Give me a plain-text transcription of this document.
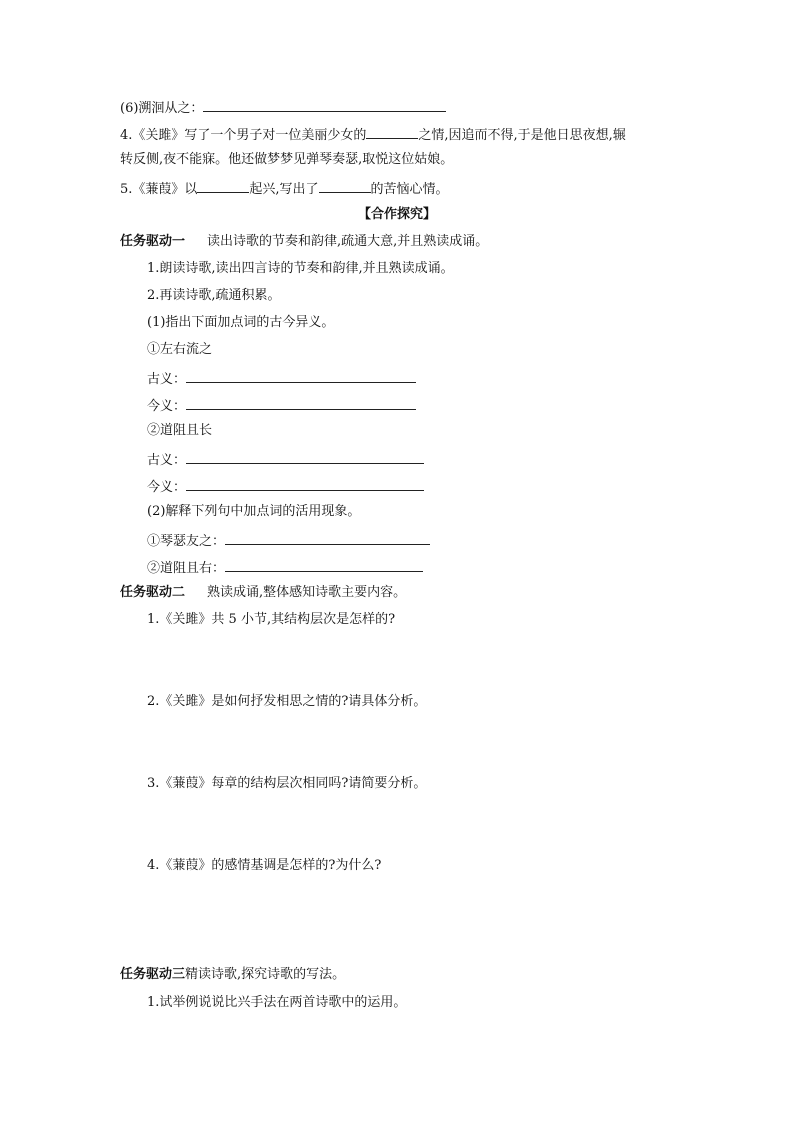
(6)溯洄从之：
4.《关雎》写了一个男子对一位美丽少女的	之情,因追而不得,于是他日思夜想,辗
转反侧,夜不能寐。他还做梦梦见弹琴奏瑟,取悦这位姑娘。
5.《蒹葭》以	起兴,写出了	的苦恼心情。
【合作探究】
任务驱动一 读出诗歌的节奏和韵律,疏通大意,并且熟读成诵。
1.朗读诗歌,读出四言诗的节奏和韵律,并且熟读成诵。
2.再读诗歌,疏通积累。
(1)指出下面加点词的古今异义。
①左右流之
古义：
今义：
②道阻且长
古义：
今义：
(2)解释下列句中加点词的活用现象。
①琴瑟友之：
②道阻且右：
任务驱动二 熟读成诵,整体感知诗歌主要内容。
1.《关雎》共 5 小节,其结构层次是怎样的?
2.《关雎》是如何抒发相思之情的?请具体分析。
3.《蒹葭》每章的结构层次相同吗?请简要分析。
4.《蒹葭》的感情基调是怎样的?为什么?
任务驱动三精读诗歌,探究诗歌的写法。
1.试举例说说比兴手法在两首诗歌中的运用。
